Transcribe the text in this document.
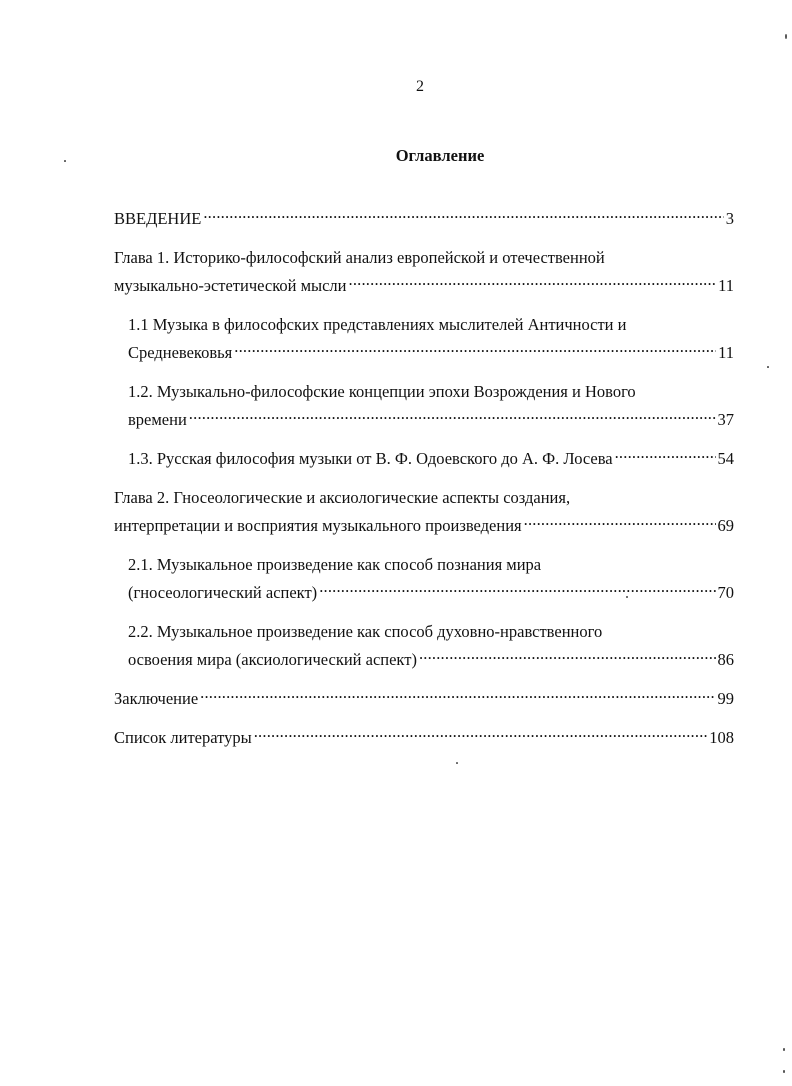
2
Оглавление
ВВЕДЕНИЕ .....	3
Глава 1. Историко-философский анализ европейской и отечественной
музыкально-эстетической мысли .....	11
1.1 Музыка в философских представлениях мыслителей Античности и
Средневековья .....	11
1.2. Музыкально-философские концепции эпохи Возрождения и Нового
времени .....	37
1.3. Русская философия музыки от В. Ф. Одоевского до А. Ф. Лосева .....	54
Глава 2. Гносеологические и аксиологические аспекты создания,
интерпретации и восприятия музыкального произведения .....	69
2.1. Музыкальное произведение как способ познания мира
(гносеологический аспект) .....	70
2.2. Музыкальное произведение как способ духовно-нравственного
освоения мира (аксиологический аспект) .....	86
Заключение .....	99
Список литературы .....	108
